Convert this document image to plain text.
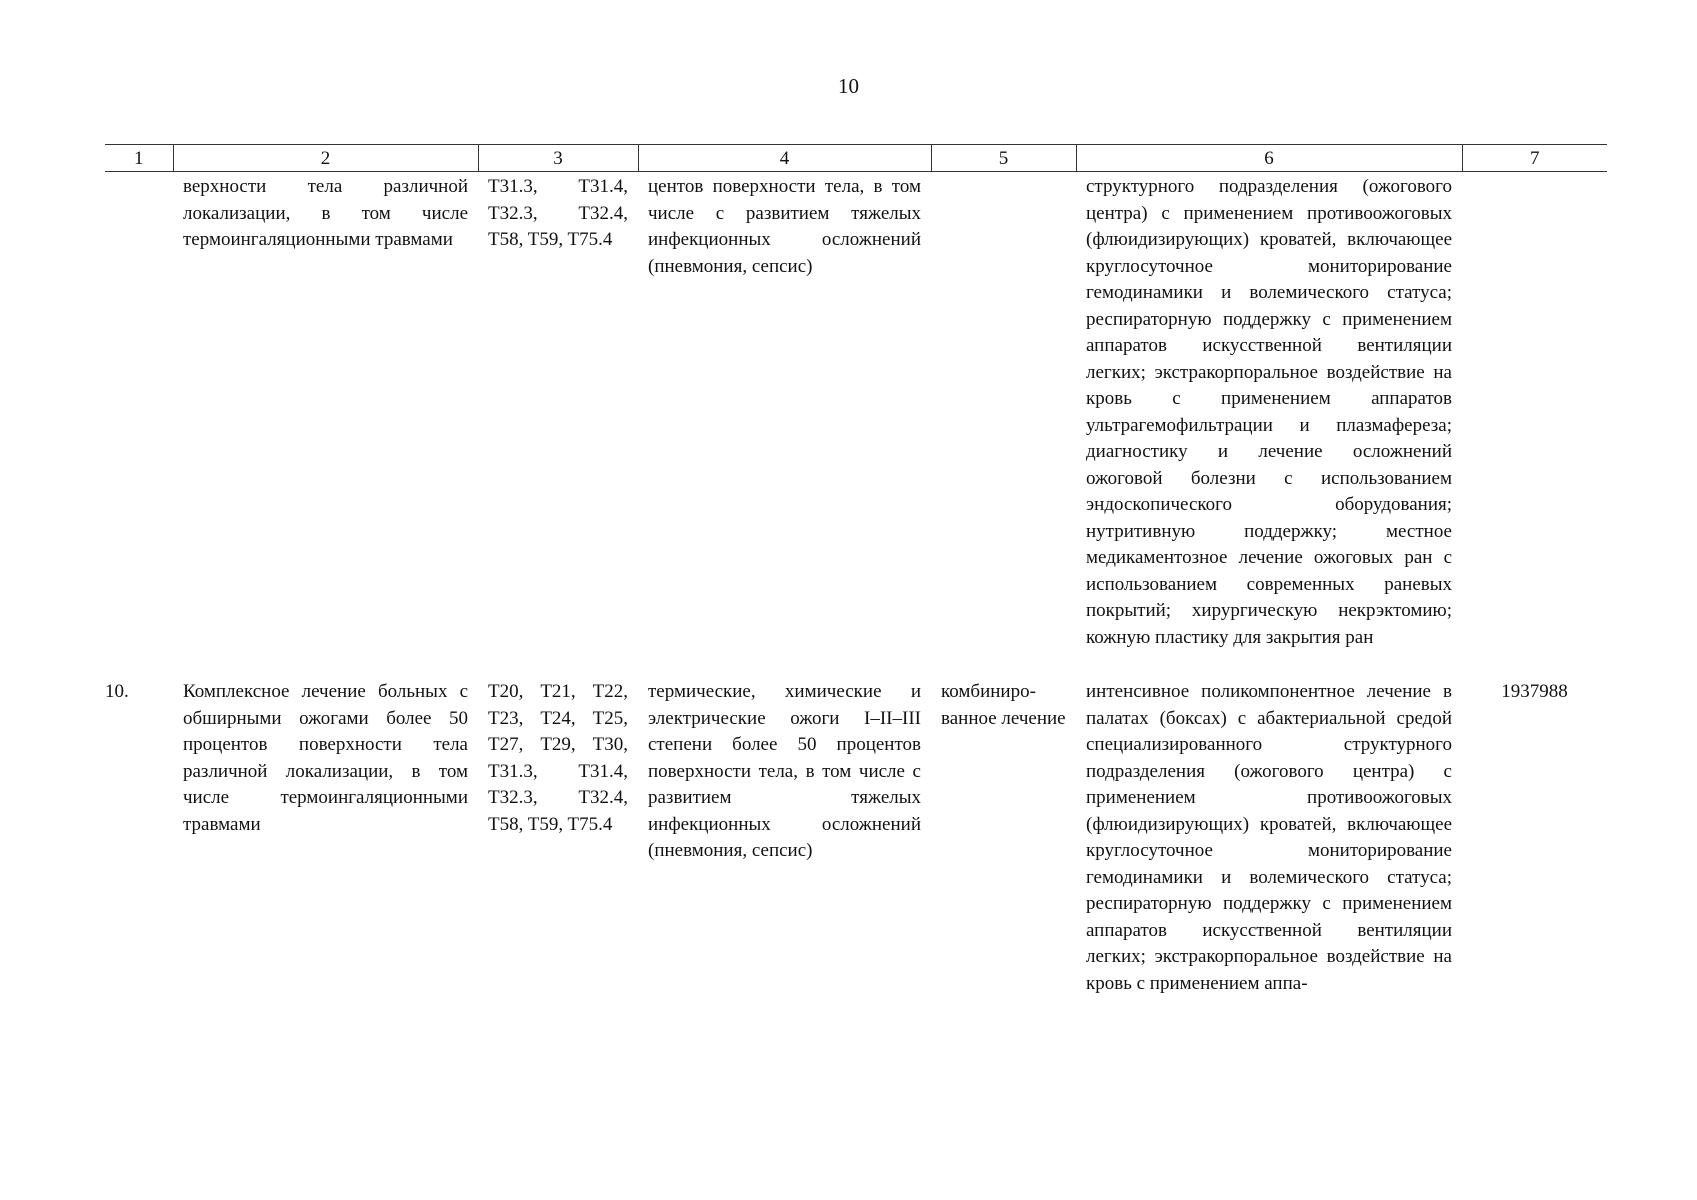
10
1	2	3	4	5	6	7
	верхности тела различной локализации, в том числе термоингаляционными травмами	T31.3, T31.4, T32.3, T32.4, T58, T59, T75.4	центов поверхности тела, в том числе с развитием тяжелых инфекционных осложнений (пневмония, сепсис)		структурного подразделения (ожогового центра) с применением противоожоговых (флюидизирующих) кроватей, включающее круглосуточное мониторирование гемодинамики и волемического статуса; респираторную поддержку с применением аппаратов искусственной вентиляции легких; экстракорпоральное воздействие на кровь с применением аппаратов ультрагемофильтрации и плазмафереза; диагностику и лечение осложнений ожоговой болезни с использованием эндоскопического оборудования; нутритивную поддержку; местное медикаментозное лечение ожоговых ран с использованием современных раневых покрытий; хирургическую некрэктомию; кожную пластику для закрытия ран	
10.	Комплексное лечение больных с обширными ожогами более 50 процентов поверхности тела различной локализации, в том числе термоингаляционными травмами	T20, T21, T22, T23, T24, T25, T27, T29, T30, T31.3, T31.4, T32.3, T32.4, T58, T59, T75.4	термические, химические и электрические ожоги I–II–III степени более 50 процентов поверхности тела, в том числе с развитием тяжелых инфекционных осложнений (пневмония, сепсис)	комбинированное лечение	интенсивное поликомпонентное лечение в палатах (боксах) с абактериальной средой специализированного структурного подразделения (ожогового центра) с применением противоожоговых (флюидизирующих) кроватей, включающее круглосуточное мониторирование гемодинамики и волемического статуса; респираторную поддержку с применением аппаратов искусственной вентиляции легких; экстракорпоральное воздействие на кровь с применением аппа-	1937988
